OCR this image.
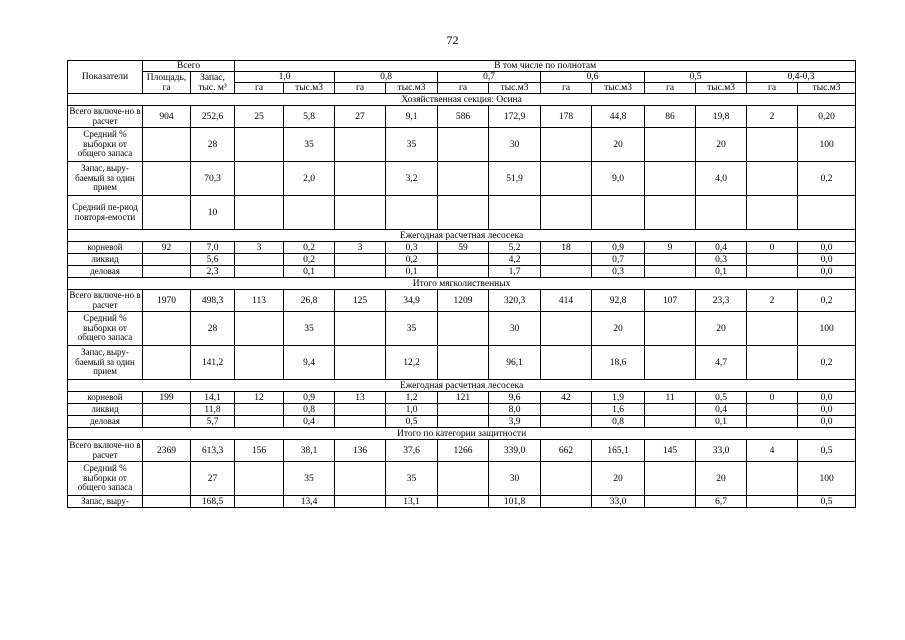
72
Показатели	Всего		В том числе по полнотам											
	Площадь, га	Запас, тыс. м³	1,0		0,8		0,7		0,6		0,5		0,4-0,3	
			га	тыс.м3	га	тыс.м3	га	тыс.м3	га	тыс.м3	га	тыс.м3	га	тыс.м3
Хозяйственная секция: Осина														
Всего включе-но в расчет	904	252,6	25	5,8	27	9,1	586	172,9	178	44,8	86	19,8	2	0,20
Средний % выборки от общего запаса		28		35		35		30		20		20		100
Запас, выру-баемый за один прием		70,3		2,0		3,2		51,9		9,0		4,0		0,2
Средний пе-риод повторя-емости		10												
Ежегодная расчетная лесосека														
корневой	92	7,0	3	0,2	3	0,3	59	5,2	18	0,9	9	0,4	0	0,0
ликвид		5,6		0,2		0,2		4,2		0,7		0,3		0,0
деловая		2,3		0,1		0,1		1,7		0,3		0,1		0,0
Итого мягколиственных														
Всего включе-но в расчет	1970	498,3	113	26,8	125	34,9	1209	320,3	414	92,8	107	23,3	2	0,2
Средний % выборки от общего запаса		28		35		35		30		20		20		100
Запас, выру-баемый за один прием		141,2		9,4		12,2		96,1		18,6		4,7		0,2
Ежегодная расчетная лесосека														
корневой	199	14,1	12	0,9	13	1,2	121	9,6	42	1,9	11	0,5	0	0,0
ликвид		11,8		0,8		1,0		8,0		1,6		0,4		0,0
деловая		5,7		0,4		0,5		3,9		0,8		0,1		0,0
Итого по категории защитности														
Всего включе-но в расчет	2369	613,3	156	38,1	136	37,6	1266	339,0	662	165,1	145	33,0	4	0,5
Средний % выборки от общего запаса		27		35		35		30		20		20		100
Запас, выру-		168,5		13,4		13,1		101,8		33,0		6,7		0,5
